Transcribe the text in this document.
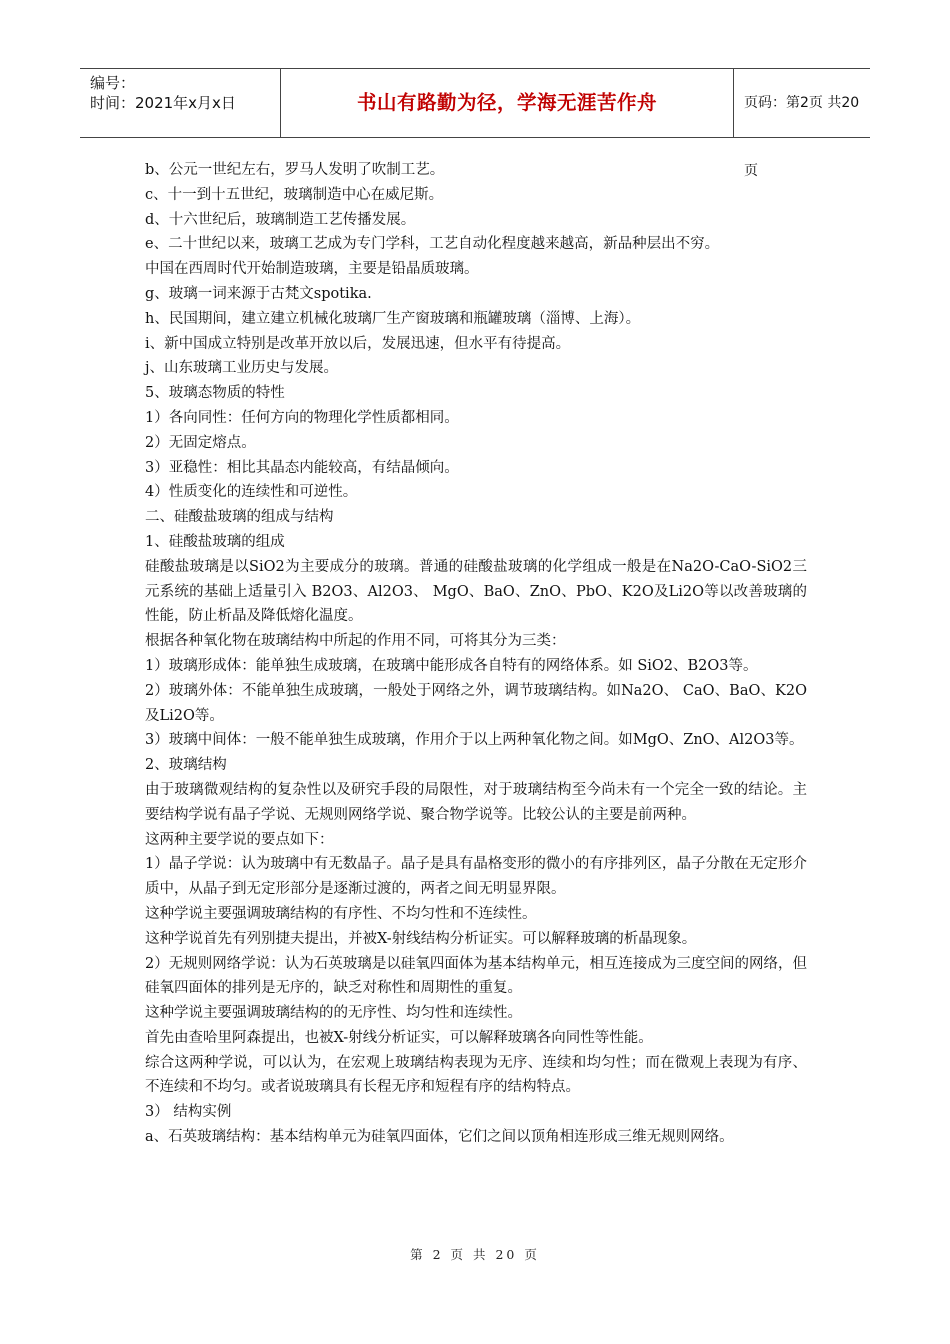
编号：
时间：2021年x月x日	书山有路勤为径，学海无涯苦作舟	页码：第2页 共20页

b、公元一世纪左右，罗马人发明了吹制工艺。

c、十一到十五世纪，玻璃制造中心在威尼斯。

d、十六世纪后，玻璃制造工艺传播发展。

e、二十世纪以来，玻璃工艺成为专门学科，工艺自动化程度越来越高，新品种层出不穷。

中国在西周时代开始制造玻璃，主要是铅晶质玻璃。

g、玻璃一词来源于古梵文spotika.

h、民国期间，建立建立机械化玻璃厂生产窗玻璃和瓶罐玻璃（淄博、上海）。

i、新中国成立特别是改革开放以后，发展迅速，但水平有待提高。

j、山东玻璃工业历史与发展。

5、玻璃态物质的特性

1）各向同性：任何方向的物理化学性质都相同。

2）无固定熔点。

3）亚稳性：相比其晶态内能较高，有结晶倾向。

4）性质变化的连续性和可逆性。

二、硅酸盐玻璃的组成与结构

1、硅酸盐玻璃的组成

硅酸盐玻璃是以SiO2为主要成分的玻璃。普通的硅酸盐玻璃的化学组成一般是在Na2O-CaO-SiO2三元系统的基础上适量引入 B2O3、Al2O3、 MgO、BaO、ZnO、PbO、K2O及Li2O等以改善玻璃的性能，防止析晶及降低熔化温度。

根据各种氧化物在玻璃结构中所起的作用不同，可将其分为三类：

1）玻璃形成体：能单独生成玻璃，在玻璃中能形成各自特有的网络体系。如 SiO2、B2O3等。

2）玻璃外体：不能单独生成玻璃，一般处于网络之外，调节玻璃结构。如Na2O、 CaO、BaO、K2O及Li2O等。

3）玻璃中间体：一般不能单独生成玻璃，作用介于以上两种氧化物之间。如MgO、ZnO、Al2O3等。

2、玻璃结构

由于玻璃微观结构的复杂性以及研究手段的局限性，对于玻璃结构至今尚未有一个完全一致的结论。主要结构学说有晶子学说、无规则网络学说、聚合物学说等。比较公认的主要是前两种。

这两种主要学说的要点如下：

1）晶子学说：认为玻璃中有无数晶子。晶子是具有晶格变形的微小的有序排列区，晶子分散在无定形介质中，从晶子到无定形部分是逐渐过渡的，两者之间无明显界限。

这种学说主要强调玻璃结构的有序性、不均匀性和不连续性。

这种学说首先有列别捷夫提出，并被X-射线结构分析证实。可以解释玻璃的析晶现象。

2）无规则网络学说：认为石英玻璃是以硅氧四面体为基本结构单元，相互连接成为三度空间的网络，但硅氧四面体的排列是无序的，缺乏对称性和周期性的重复。

这种学说主要强调玻璃结构的的无序性、均匀性和连续性。

首先由查哈里阿森提出，也被X-射线分析证实，可以解释玻璃各向同性等性能。

综合这两种学说，可以认为，在宏观上玻璃结构表现为无序、连续和均匀性；而在微观上表现为有序、不连续和不均匀。或者说玻璃具有长程无序和短程有序的结构特点。

3） 结构实例

a、石英玻璃结构：基本结构单元为硅氧四面体，它们之间以顶角相连形成三维无规则网络。

第 2 页 共 20 页
